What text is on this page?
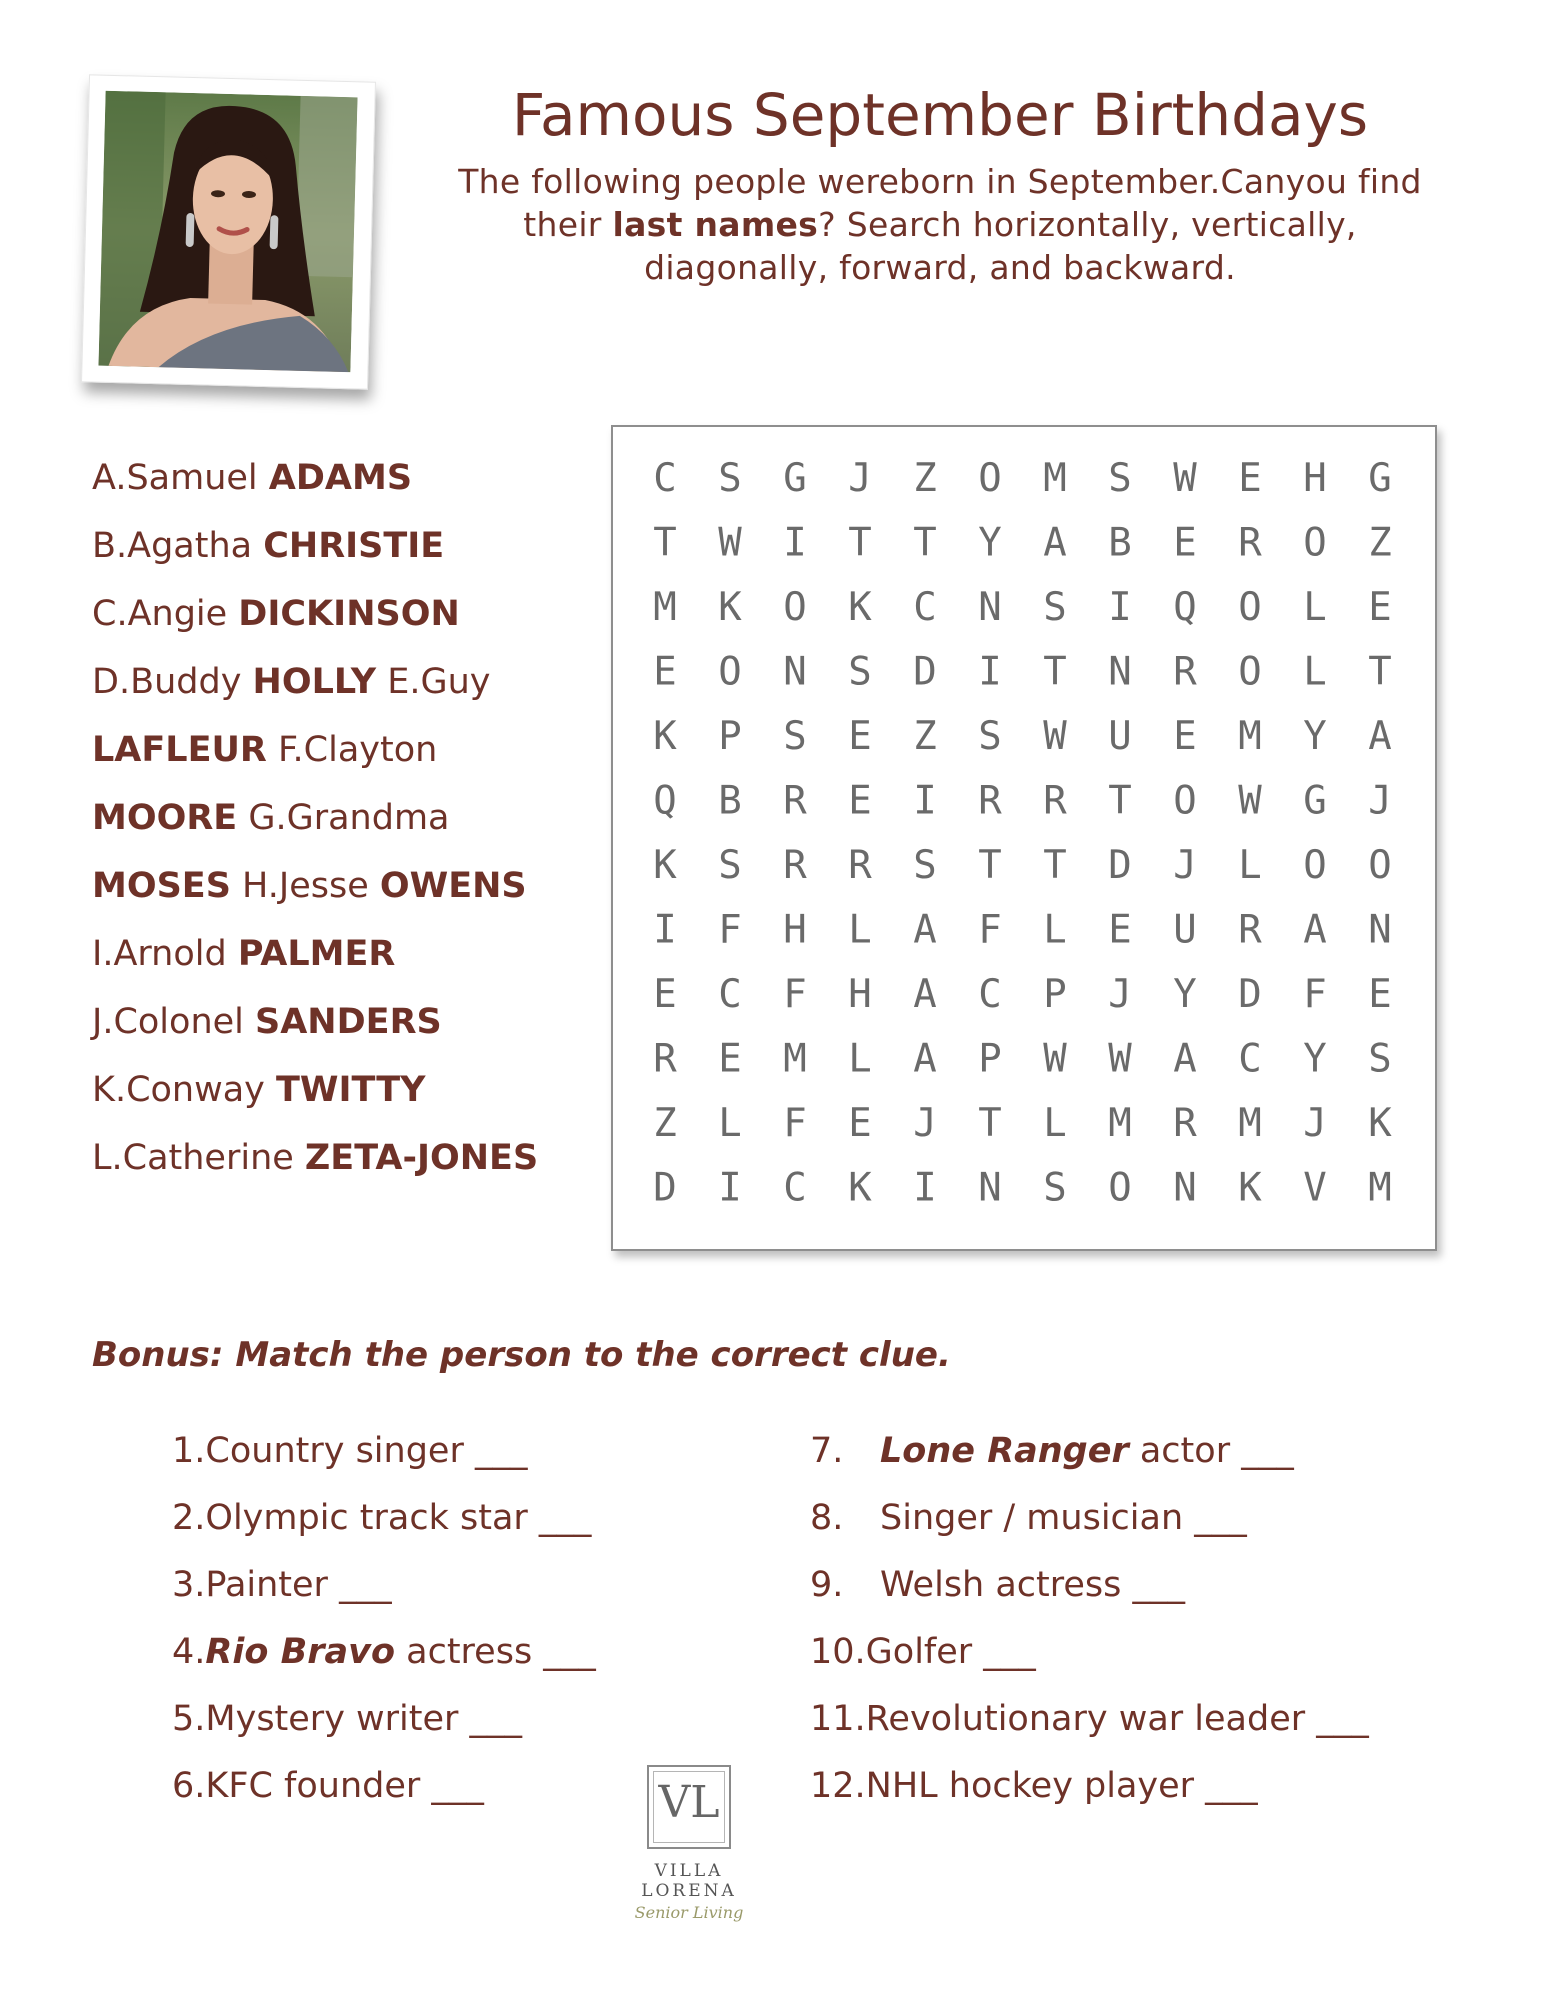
Famous September Birthdays
The following people wereborn in September.Canyou find their last names? Search horizontally, vertically, diagonally, forward, and backward.
A.Samuel ADAMS
B.Agatha CHRISTIE
C.Angie DICKINSON
D.Buddy HOLLY E.Guy LAFLEUR F.Clayton MOORE G.Grandma MOSES H.Jesse OWENS
I.Arnold PALMER
J.Colonel SANDERS
K.Conway TWITTY
L.Catherine ZETA-JONES
C S G J Z O M S W E H G
T W I T T Y A B E R O Z
M K O K C N S I Q O L E
E O N S D I T N R O L T
K P S E Z S W U E M Y A
Q B R E I R R T O W G J
K S R R S T T D J L O O
I F H L A F L E U R A N
E C F H A C P J Y D F E
R E M L A P W W A C Y S
Z L F E J T L M R M J K
D I C K I N S O N K V M
Bonus: Match the person to the correct clue.
1.Country singer ___
2.Olympic track star ___
3.Painter ___
4.Rio Bravo actress ___
5.Mystery writer ___
6.KFC founder ___
7. Lone Ranger actor ___
8. Singer / musician ___
9. Welsh actress ___
10.Golfer ___
11.Revolutionary war leader ___
12.NHL hockey player ___
VL
VILLA LORENA
Senior Living
